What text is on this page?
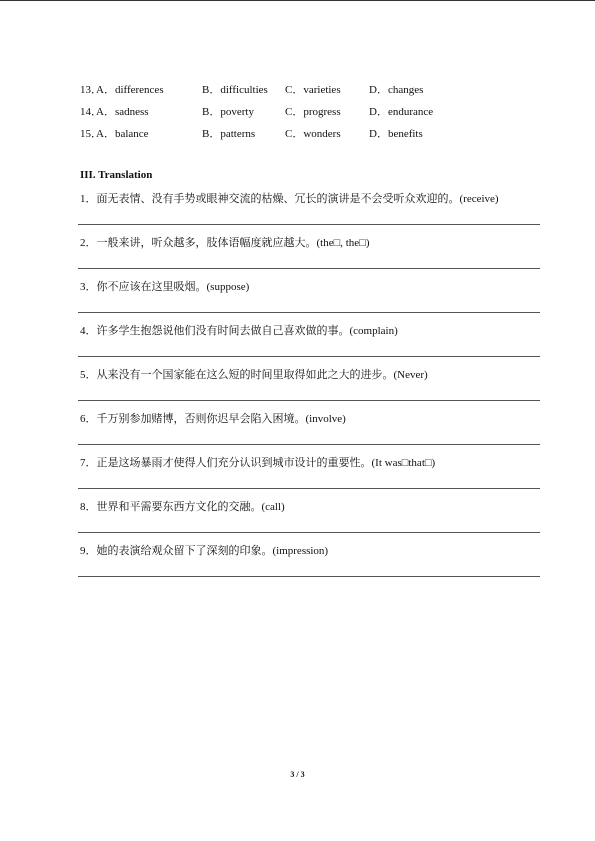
13．
A．differences	B．difficulties C．varieties	D．changes
14．
A．sadness	B．poverty	C．progress	D．endurance
15．
A．balance	B．patterns	C．wonders	D．benefits
III. Translation
1．面无表情、没有手势或眼神交流的枯燥、冗长的演讲是不会受听众欢迎的。(receive)
2．一般来讲，听众越多，肢体语幅度就应越大。(the□, the□)
3．你不应该在这里吸烟。(suppose)
4．许多学生抱怨说他们没有时间去做自己喜欢做的事。(complain)
5．从来没有一个国家能在这么短的时间里取得如此之大的进步。(Never)
6．千万别参加赌博，否则你迟早会陷入困境。(involve)
7．正是这场暴雨才使得人们充分认识到城市设计的重要性。(It was□that□)
8．世界和平需要东西方文化的交融。(call)
9．她的表演给观众留下了深刻的印象。(impression)
3 / 3
